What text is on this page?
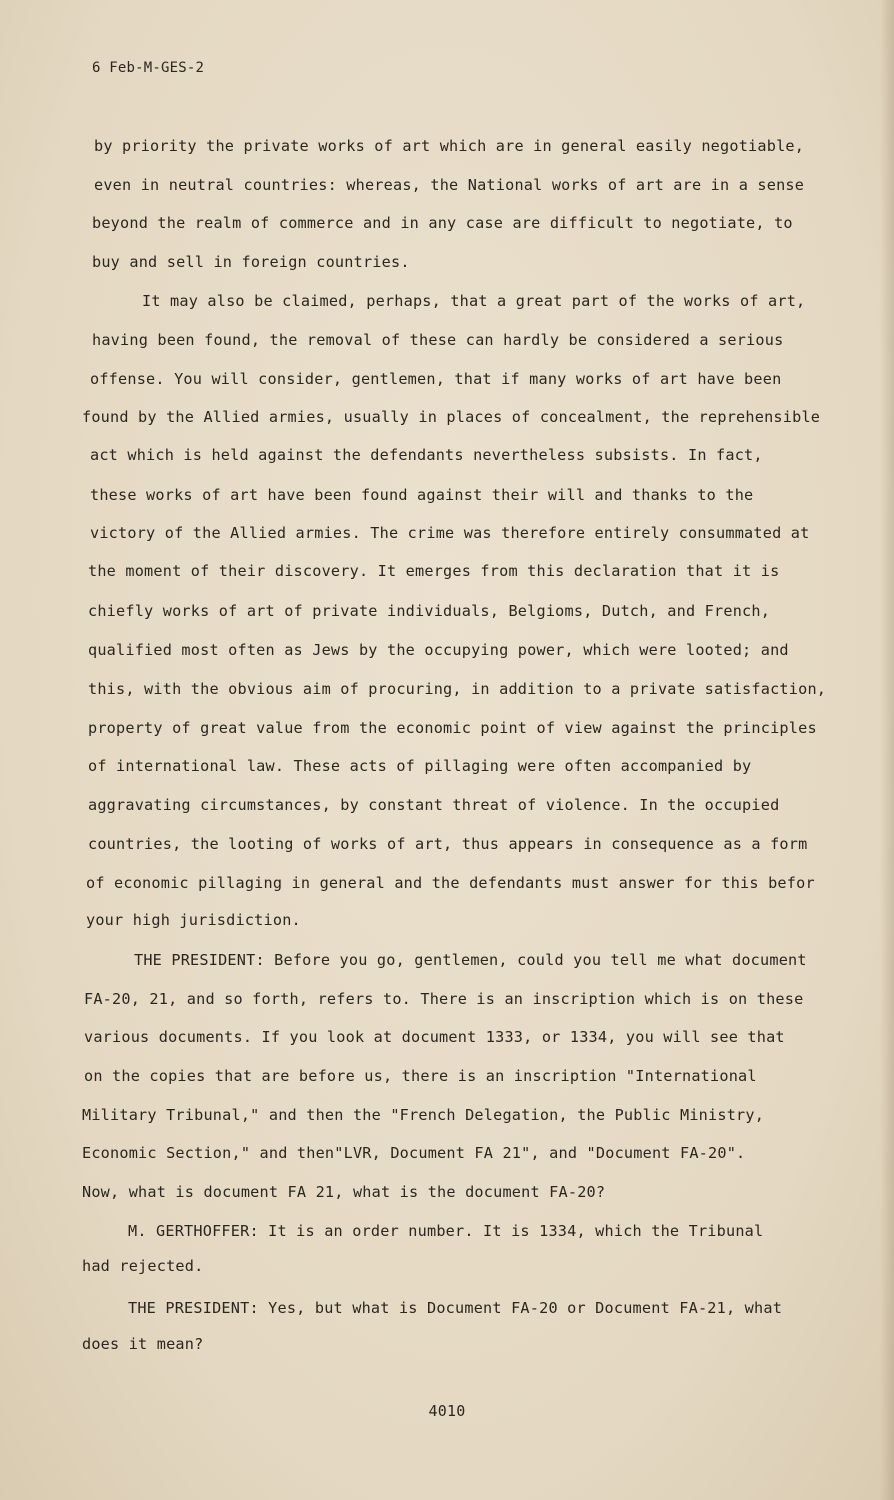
6 Feb-M-GES-2
by priority the private works of art which are in general easily negotiable,
even in neutral countries: whereas, the National works of art are in a sense
beyond the realm of commerce and in any case are difficult to negotiate, to
buy and sell in foreign countries.
It may also be claimed, perhaps, that a great part of the works of art,
having been found, the removal of these can hardly be considered a serious
offense. You will consider, gentlemen, that if many works of art have been
found by the Allied armies, usually in places of concealment, the reprehensible
act which is held against the defendants nevertheless subsists. In fact,
these works of art have been found against their will and thanks to the
victory of the Allied armies. The crime was therefore entirely consummated at
the moment of their discovery. It emerges from this declaration that it is
chiefly works of art of private individuals, Belgioms, Dutch, and French,
qualified most often as Jews by the occupying power, which were looted; and
this, with the obvious aim of procuring, in addition to a private satisfaction,
property of great value from the economic point of view against the principles
of international law. These acts of pillaging were often accompanied by
aggravating circumstances, by constant threat of violence. In the occupied
countries, the looting of works of art, thus appears in consequence as a form
of economic pillaging in general and the defendants must answer for this befor
your high jurisdiction.
THE PRESIDENT: Before you go, gentlemen, could you tell me what document
FA-20, 21, and so forth, refers to. There is an inscription which is on these
various documents. If you look at document 1333, or 1334, you will see that
on the copies that are before us, there is an inscription "International
Military Tribunal," and then the "French Delegation, the Public Ministry,
Economic Section," and then"LVR, Document FA 21", and "Document FA-20".
Now, what is document FA 21, what is the document FA-20?
M. GERTHOFFER: It is an order number. It is 1334, which the Tribunal
had rejected.
THE PRESIDENT: Yes, but what is Document FA-20 or Document FA-21, what
does it mean?
4010
